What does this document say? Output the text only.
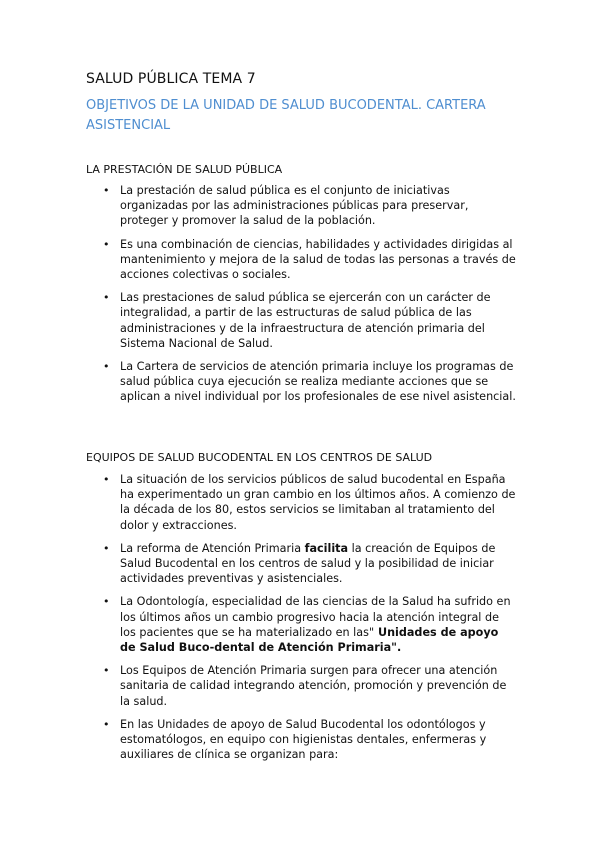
SALUD PÚBLICA TEMA 7
OBJETIVOS DE LA UNIDAD DE SALUD BUCODENTAL. CARTERA ASISTENCIAL
LA PRESTACIÓN DE SALUD PÚBLICA
• La prestación de salud pública es el conjunto de iniciativas organizadas por las administraciones públicas para preservar, proteger y promover la salud de la población.
• Es una combinación de ciencias, habilidades y actividades dirigidas al mantenimiento y mejora de la salud de todas las personas a través de acciones colectivas o sociales.
• Las prestaciones de salud pública se ejercerán con un carácter de integralidad, a partir de las estructuras de salud pública de las administraciones y de la infraestructura de atención primaria del Sistema Nacional de Salud.
• La Cartera de servicios de atención primaria incluye los programas de salud pública cuya ejecución se realiza mediante acciones que se aplican a nivel individual por los profesionales de ese nivel asistencial.
EQUIPOS DE SALUD BUCODENTAL EN LOS CENTROS DE SALUD
• La situación de los servicios públicos de salud bucodental en España ha experimentado un gran cambio en los últimos años. A comienzo de la década de los 80, estos servicios se limitaban al tratamiento del dolor y extracciones.
• La reforma de Atención Primaria facilita la creación de Equipos de Salud Bucodental en los centros de salud y la posibilidad de iniciar actividades preventivas y asistenciales.
• La Odontología, especialidad de las ciencias de la Salud ha sufrido en los últimos años un cambio progresivo hacia la atención integral de los pacientes que se ha materializado en las" Unidades de apoyo de Salud Buco-dental de Atención Primaria".
• Los Equipos de Atención Primaria surgen para ofrecer una atención sanitaria de calidad integrando atención, promoción y prevención de la salud.
• En las Unidades de apoyo de Salud Bucodental los odontólogos y estomatólogos, en equipo con higienistas dentales, enfermeras y auxiliares de clínica se organizan para:
